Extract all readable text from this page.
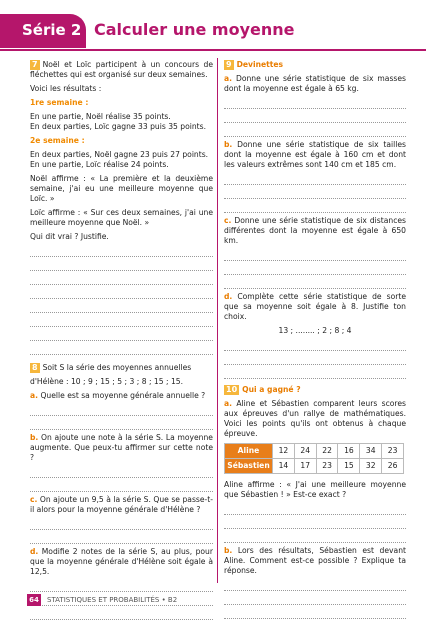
Série 2 Calculer une moyenne

7 Noël et Loïc participent à un concours de fléchettes qui est organisé sur deux semaines.

Voici les résultats :

1re semaine :

En une partie, Noël réalise 35 points.
En deux parties, Loïc gagne 33 puis 35 points.

2e semaine :

En deux parties, Noël gagne 23 puis 27 points.
En une partie, Loïc réalise 24 points.

Noël affirme : « La première et la deuxième semaine, j'ai eu une meilleure moyenne que Loïc. »

Loïc affirme : « Sur ces deux semaines, j'ai une meilleure moyenne que Noël. »

Qui dit vrai ? Justifie.

8 Soit S la série des moyennes annuelles

d'Hélène : 10 ; 9 ; 15 ; 5 ; 3 ; 8 ; 15 ; 15.

a. Quelle est sa moyenne générale annuelle ?

b. On ajoute une note à la série S. La moyenne augmente. Que peux-tu affirmer sur cette note ?

c. On ajoute un 9,5 à la série S. Que se passe-t-il alors pour la moyenne générale d'Hélène ?

d. Modifie 2 notes de la série S, au plus, pour que la moyenne générale d'Hélène soit égale à 12,5.

9 Devinettes

a. Donne une série statistique de six masses dont la moyenne est égale à 65 kg.

b. Donne une série statistique de six tailles dont la moyenne est égale à 160 cm et dont les valeurs extrêmes sont 140 cm et 185 cm.

c. Donne une série statistique de six distances différentes dont la moyenne est égale à 650 km.

d. Complète cette série statistique de sorte que sa moyenne soit égale à 8. Justifie ton choix.

13 ; ........ ; 2 ; 8 ; 4

10 Qui a gagné ?

a. Aline et Sébastien comparent leurs scores aux épreuves d'un rallye de mathématiques. Voici les points qu'ils ont obtenus à chaque épreuve.

Aline	12	24	22	16	34	23
Sébastien	14	17	23	15	32	26

Aline affirme : « J'ai une meilleure moyenne que Sébastien ! » Est-ce exact ?

b. Lors des résultats, Sébastien est devant Aline. Comment est-ce possible ? Explique ta réponse.

64	STATISTIQUES ET PROBABILITÉS • B2
